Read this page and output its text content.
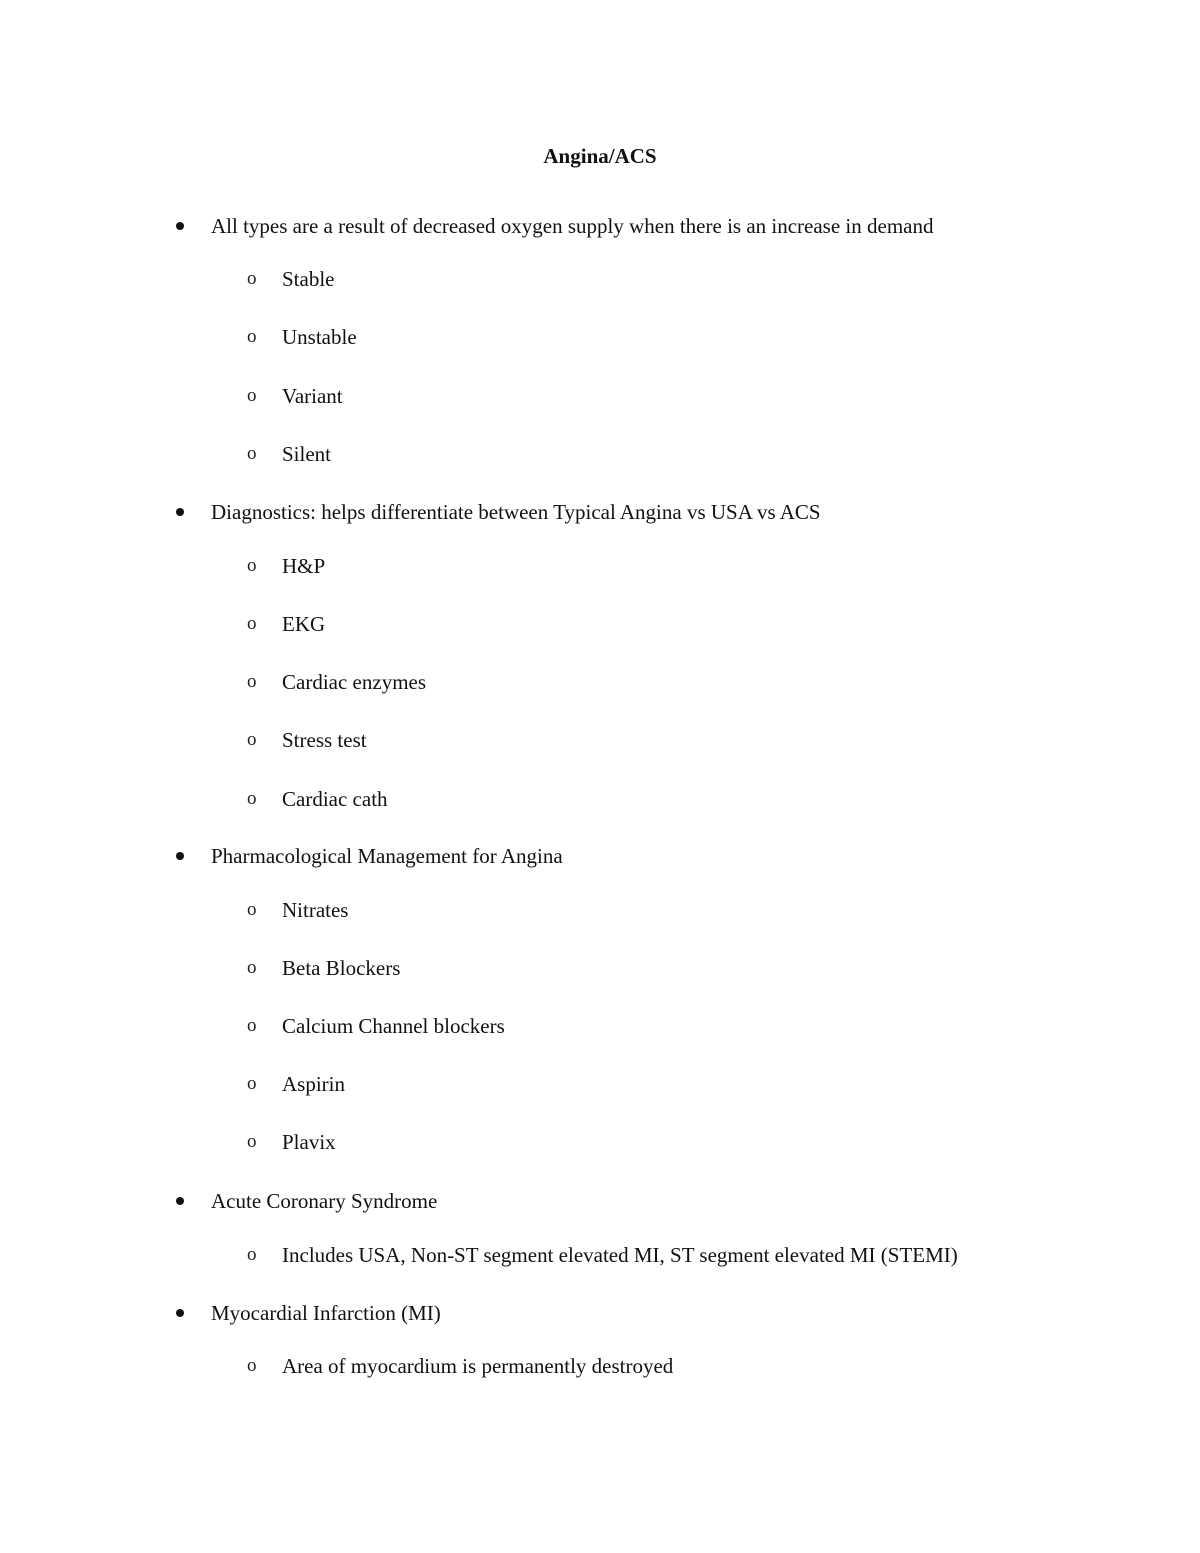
Angina/ACS
All types are a result of decreased oxygen supply when there is an increase in demand
o Stable
o Unstable
o Variant
o Silent
Diagnostics: helps differentiate between Typical Angina vs USA vs ACS
o H&P
o EKG
o Cardiac enzymes
o Stress test
o Cardiac cath
Pharmacological Management for Angina
o Nitrates
o Beta Blockers
o Calcium Channel blockers
o Aspirin
o Plavix
Acute Coronary Syndrome
o Includes USA, Non-ST segment elevated MI, ST segment elevated MI (STEMI)
Myocardial Infarction (MI)
o Area of myocardium is permanently destroyed
